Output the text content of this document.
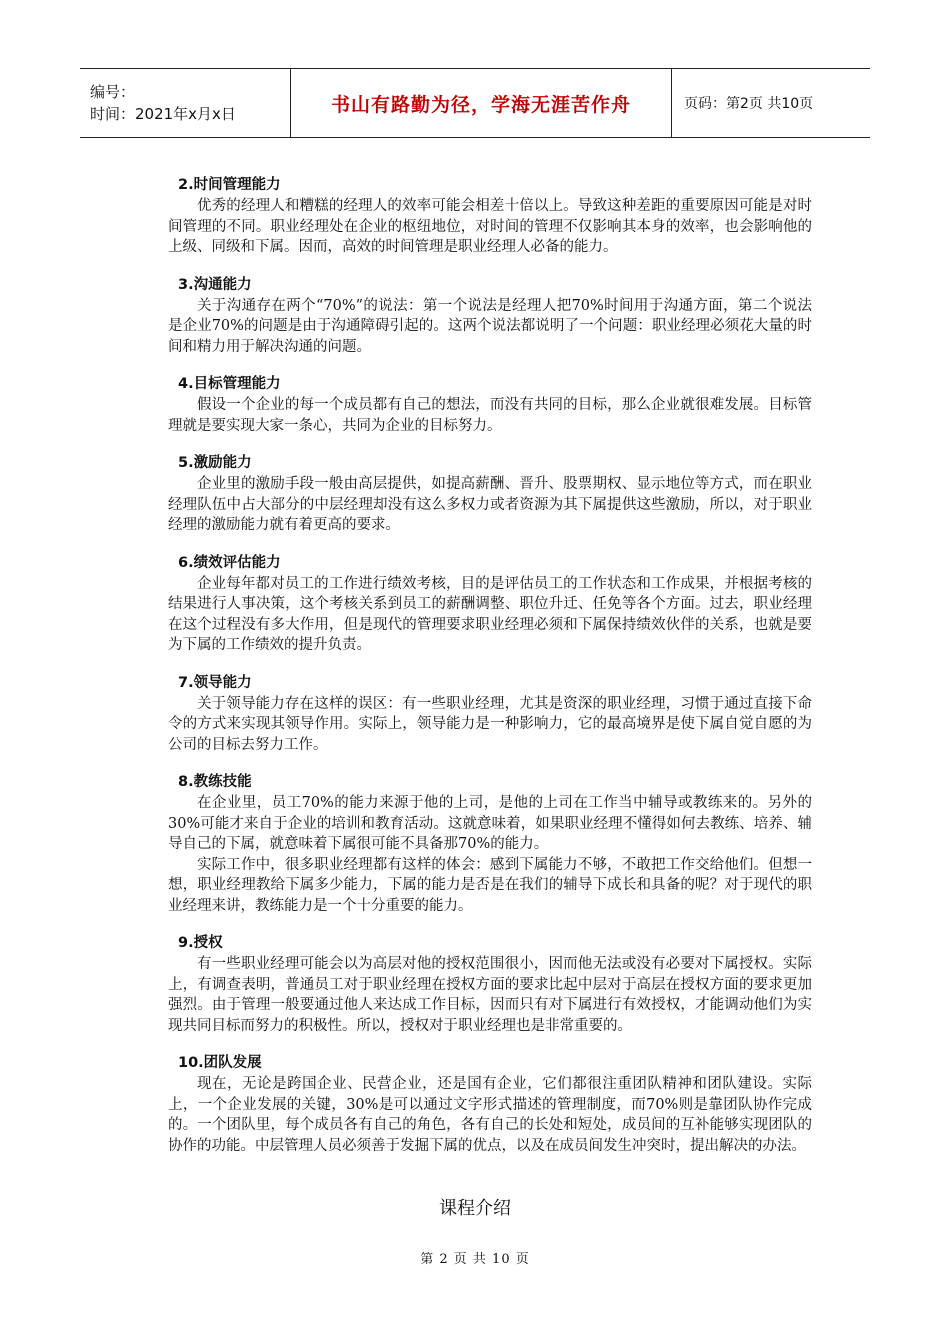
编号：
时间：2021年x月x日	书山有路勤为径，学海无涯苦作舟	页码：第2页 共10页

2.时间管理能力

优秀的经理人和糟糕的经理人的效率可能会相差十倍以上。导致这种差距的重要原因可能是对时间管理的不同。职业经理处在企业的枢纽地位，对时间的管理不仅影响其本身的效率，也会影响他的上级、同级和下属。因而，高效的时间管理是职业经理人必备的能力。

3.沟通能力

关于沟通存在两个“70%”的说法：第一个说法是经理人把70%时间用于沟通方面，第二个说法是企业70%的问题是由于沟通障碍引起的。这两个说法都说明了一个问题：职业经理必须花大量的时间和精力用于解决沟通的问题。

4.目标管理能力

假设一个企业的每一个成员都有自己的想法，而没有共同的目标，那么企业就很难发展。目标管理就是要实现大家一条心，共同为企业的目标努力。

5.激励能力

企业里的激励手段一般由高层提供，如提高薪酬、晋升、股票期权、显示地位等方式，而在职业经理队伍中占大部分的中层经理却没有这么多权力或者资源为其下属提供这些激励，所以，对于职业经理的激励能力就有着更高的要求。

6.绩效评估能力

企业每年都对员工的工作进行绩效考核，目的是评估员工的工作状态和工作成果，并根据考核的结果进行人事决策，这个考核关系到员工的薪酬调整、职位升迁、任免等各个方面。过去，职业经理在这个过程没有多大作用，但是现代的管理要求职业经理必须和下属保持绩效伙伴的关系，也就是要为下属的工作绩效的提升负责。

7.领导能力

关于领导能力存在这样的误区：有一些职业经理，尤其是资深的职业经理，习惯于通过直接下命令的方式来实现其领导作用。实际上，领导能力是一种影响力，它的最高境界是使下属自觉自愿的为公司的目标去努力工作。

8.教练技能

在企业里，员工70%的能力来源于他的上司，是他的上司在工作当中辅导或教练来的。另外的30%可能才来自于企业的培训和教育活动。这就意味着，如果职业经理不懂得如何去教练、培养、辅导自己的下属，就意味着下属很可能不具备那70%的能力。

实际工作中，很多职业经理都有这样的体会：感到下属能力不够，不敢把工作交给他们。但想一想，职业经理教给下属多少能力，下属的能力是否是在我们的辅导下成长和具备的呢？对于现代的职业经理来讲，教练能力是一个十分重要的能力。

9.授权

有一些职业经理可能会以为高层对他的授权范围很小，因而他无法或没有必要对下属授权。实际上，有调查表明，普通员工对于职业经理在授权方面的要求比起中层对于高层在授权方面的要求更加强烈。由于管理一般要通过他人来达成工作目标，因而只有对下属进行有效授权，才能调动他们为实现共同目标而努力的积极性。所以，授权对于职业经理也是非常重要的。

10.团队发展

现在，无论是跨国企业、民营企业，还是国有企业，它们都很注重团队精神和团队建设。实际上，一个企业发展的关键，30%是可以通过文字形式描述的管理制度，而70%则是靠团队协作完成的。一个团队里，每个成员各有自己的角色，各有自己的长处和短处，成员间的互补能够实现团队的协作的功能。中层管理人员必须善于发掘下属的优点，以及在成员间发生冲突时，提出解决的办法。

课程介绍
第 2 页 共 10 页
